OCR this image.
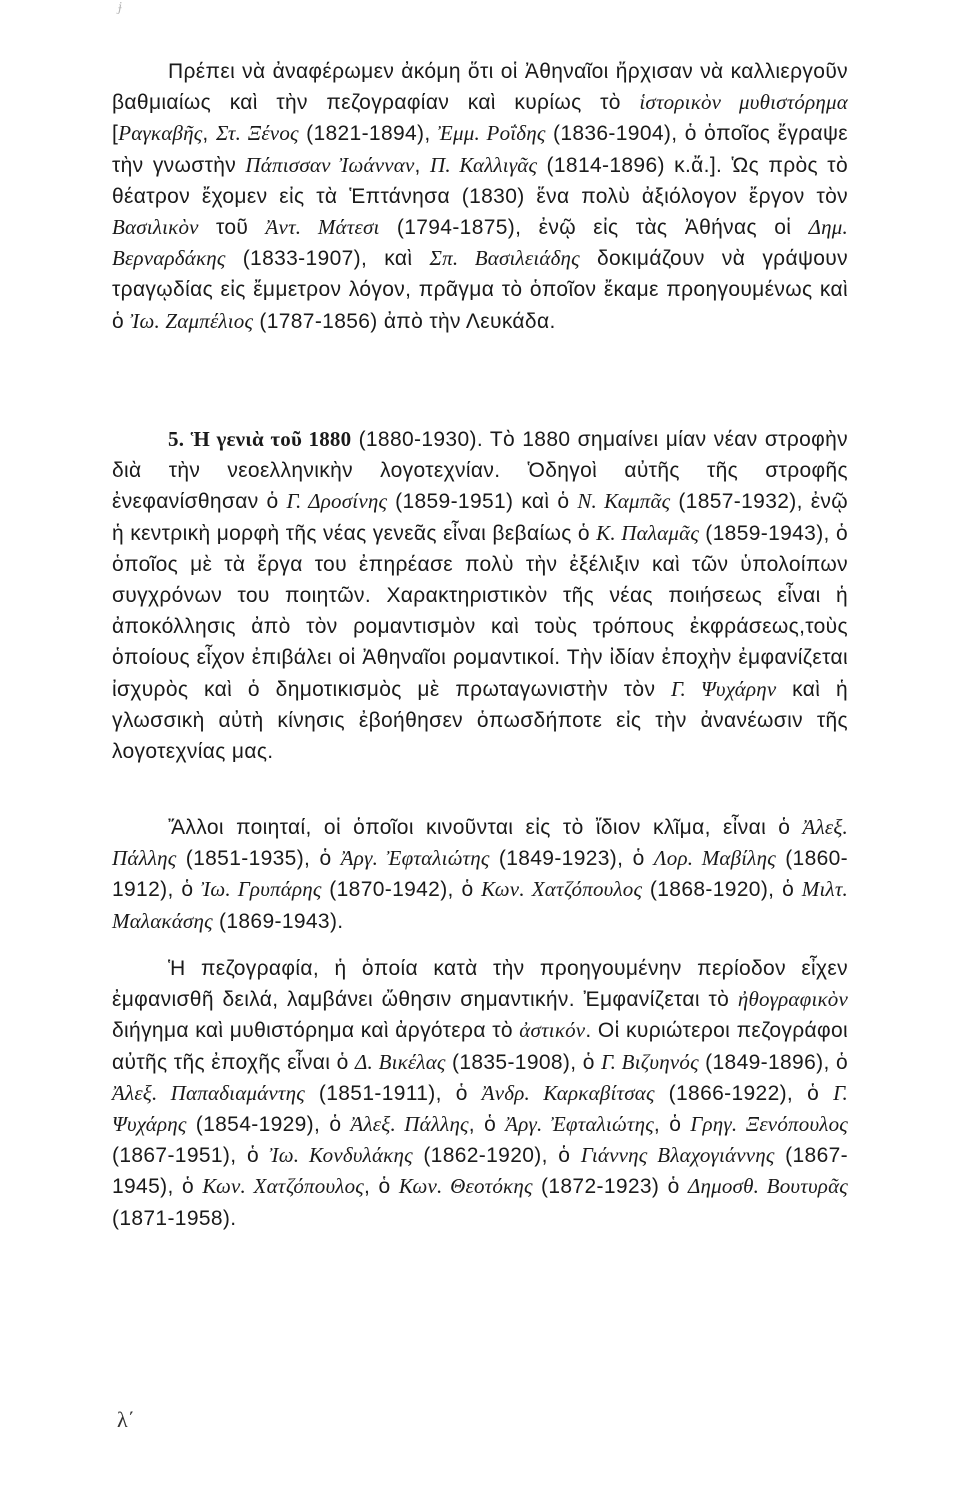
ɉ

Πρέπει νὰ ἀναφέρωμεν ἀκόμη ὅτι οἱ Ἀθηναῖοι ἤρχισαν νὰ καλλιεργοῦν βαθμιαίως καὶ τὴν πεζογραφίαν καὶ κυρίως τὸ ἱστορικὸν μυθιστόρημα [Ραγκαβῆς, Στ. Ξένος (1821-1894), Ἐμμ. Ροΐδης (1836-1904), ὁ ὁποῖος ἔγραψε τὴν γνωστὴν Πάπισσαν Ἰωάνναν, Π. Καλλιγᾶς (1814-1896) κ.ἄ.]. Ὡς πρὸς τὸ θέατρον ἔχομεν εἰς τὰ Ἑπτάνησα (1830) ἕνα πολὺ ἀξιόλογον ἔργον τὸν Βασιλικὸν τοῦ Ἀντ. Μάτεσι (1794-1875), ἐνῷ εἰς τὰς Ἀθήνας οἱ Δημ. Βερναρδάκης (1833-1907), καὶ Σπ. Βασιλειάδης δοκιμάζουν νὰ γράψουν τραγῳδίας εἰς ἔμμετρον λόγον, πρᾶγμα τὸ ὁποῖον ἔκαμε προηγουμένως καὶ ὁ Ἰω. Ζαμπέλιος (1787-1856) ἀπὸ τὴν Λευκάδα.

5. Ἡ γενιὰ τοῦ 1880 (1880-1930). Τὸ 1880 σημαίνει μίαν νέαν στροφὴν διὰ τὴν νεοελληνικὴν λογοτεχνίαν. Ὁδηγοὶ αὐτῆς τῆς στροφῆς ἐνεφανίσθησαν ὁ Γ. Δροσίνης (1859-1951) καὶ ὁ Ν. Καμπᾶς (1857-1932), ἐνῷ ἡ κεντρικὴ μορφὴ τῆς νέας γενεᾶς εἶναι βεβαίως ὁ Κ. Παλαμᾶς (1859-1943), ὁ ὁποῖος μὲ τὰ ἔργα του ἐπηρέασε πολὺ τὴν ἐξέλιξιν καὶ τῶν ὑπολοίπων συγχρόνων του ποιητῶν. Χαρακτηριστικὸν τῆς νέας ποιήσεως εἶναι ἡ ἀποκόλλησις ἀπὸ τὸν ρομαντισμὸν καὶ τοὺς τρόπους ἐκφράσεως,τοὺς ὁποίους εἶχον ἐπιβάλει οἱ Ἀθηναῖοι ρομαντικοί. Τὴν ἰδίαν ἐποχὴν ἐμφανίζεται ἰσχυρὸς καὶ ὁ δημοτικισμὸς μὲ πρωταγωνιστὴν τὸν Γ. Ψυχάρην καὶ ἡ γλωσσικὴ αὐτὴ κίνησις ἐβοήθησεν ὁπωσδήποτε εἰς τὴν ἀνανέωσιν τῆς λογοτεχνίας μας.

Ἄλλοι ποιηταί, οἱ ὁποῖοι κινοῦνται εἰς τὸ ἴδιον κλῖμα, εἶναι ὁ Ἀλεξ. Πάλλης (1851-1935), ὁ Ἀργ. Ἐφταλιώτης (1849-1923), ὁ Λορ. Μαβίλης (1860-1912), ὁ Ἰω. Γρυπάρης (1870-1942), ὁ Κων. Χατζόπουλος (1868-1920), ὁ Μιλτ. Μαλακάσης (1869-1943).

Ἡ πεζογραφία, ἡ ὁποία κατὰ τὴν προηγουμένην περίοδον εἶχεν ἐμφανισθῆ δειλά, λαμβάνει ὤθησιν σημαντικήν. Ἐμφανίζεται τὸ ἠθογραφικὸν διήγημα καὶ μυθιστόρημα καὶ ἀργότερα τὸ ἀστικόν. Οἱ κυριώτεροι πεζογράφοι αὐτῆς τῆς ἐποχῆς εἶναι ὁ Δ. Βικέλας (1835-1908), ὁ Γ. Βιζυηνός (1849-1896), ὁ Ἀλεξ. Παπαδιαμάντης (1851-1911), ὁ Ἀνδρ. Καρκαβίτσας (1866-1922), ὁ Γ. Ψυχάρης (1854-1929), ὁ Ἀλεξ. Πάλλης, ὁ Ἀργ. Ἐφταλιώτης, ὁ Γρηγ. Ξενόπουλος (1867-1951), ὁ Ἰω. Κονδυλάκης (1862-1920), ὁ Γιάννης Βλαχογιάννης (1867-1945), ὁ Κων. Χατζόπουλος, ὁ Κων. Θεοτόκης (1872-1923) ὁ Δημοσθ. Βουτυρᾶς (1871-1958).

λ΄
